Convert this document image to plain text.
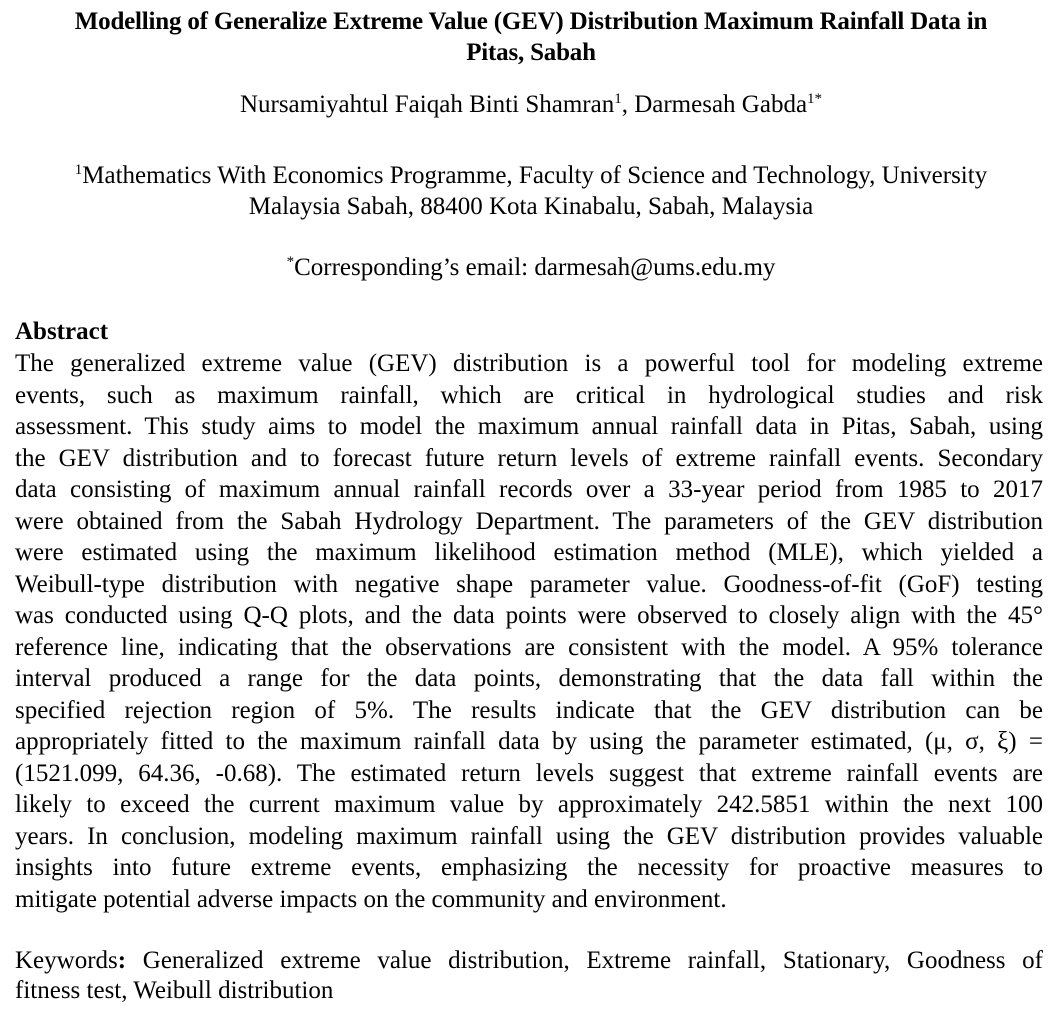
Modelling of Generalize Extreme Value (GEV) Distribution Maximum Rainfall Data in
Pitas, Sabah
Nursamiyahtul Faiqah Binti Shamran$^1$, Darmesah Gabda$^{1*}$
$^1$Mathematics With Economics Programme, Faculty of Science and Technology, University
Malaysia Sabah, 88400 Kota Kinabalu, Sabah, Malaysia
*Corresponding’s email: darmesah@ums.edu.my
Abstract
The generalized extreme value (GEV) distribution is a powerful tool for modeling extreme
events, such as maximum rainfall, which are critical in hydrological studies and risk
assessment. This study aims to model the maximum annual rainfall data in Pitas, Sabah, using
the GEV distribution and to forecast future return levels of extreme rainfall events. Secondary
data consisting of maximum annual rainfall records over a 33-year period from 1985 to 2017
were obtained from the Sabah Hydrology Department. The parameters of the GEV distribution
were estimated using the maximum likelihood estimation method (MLE), which yielded a
Weibull-type distribution with negative shape parameter value. Goodness-of-fit (GoF) testing
was conducted using Q-Q plots, and the data points were observed to closely align with the 45°
reference line, indicating that the observations are consistent with the model. A 95% tolerance
interval produced a range for the data points, demonstrating that the data fall within the
specified rejection region of 5%. The results indicate that the GEV distribution can be
appropriately fitted to the maximum rainfall data by using the parameter estimated, (μ, σ, ξ) =
(1521.099, 64.36, -0.68). The estimated return levels suggest that extreme rainfall events are
likely to exceed the current maximum value by approximately 242.5851 within the next 100
years. In conclusion, modeling maximum rainfall using the GEV distribution provides valuable
insights into future extreme events, emphasizing the necessity for proactive measures to
mitigate potential adverse impacts on the community and environment.
Keywords: Generalized extreme value distribution, Extreme rainfall, Stationary, Goodness of
fitness test, Weibull distribution
